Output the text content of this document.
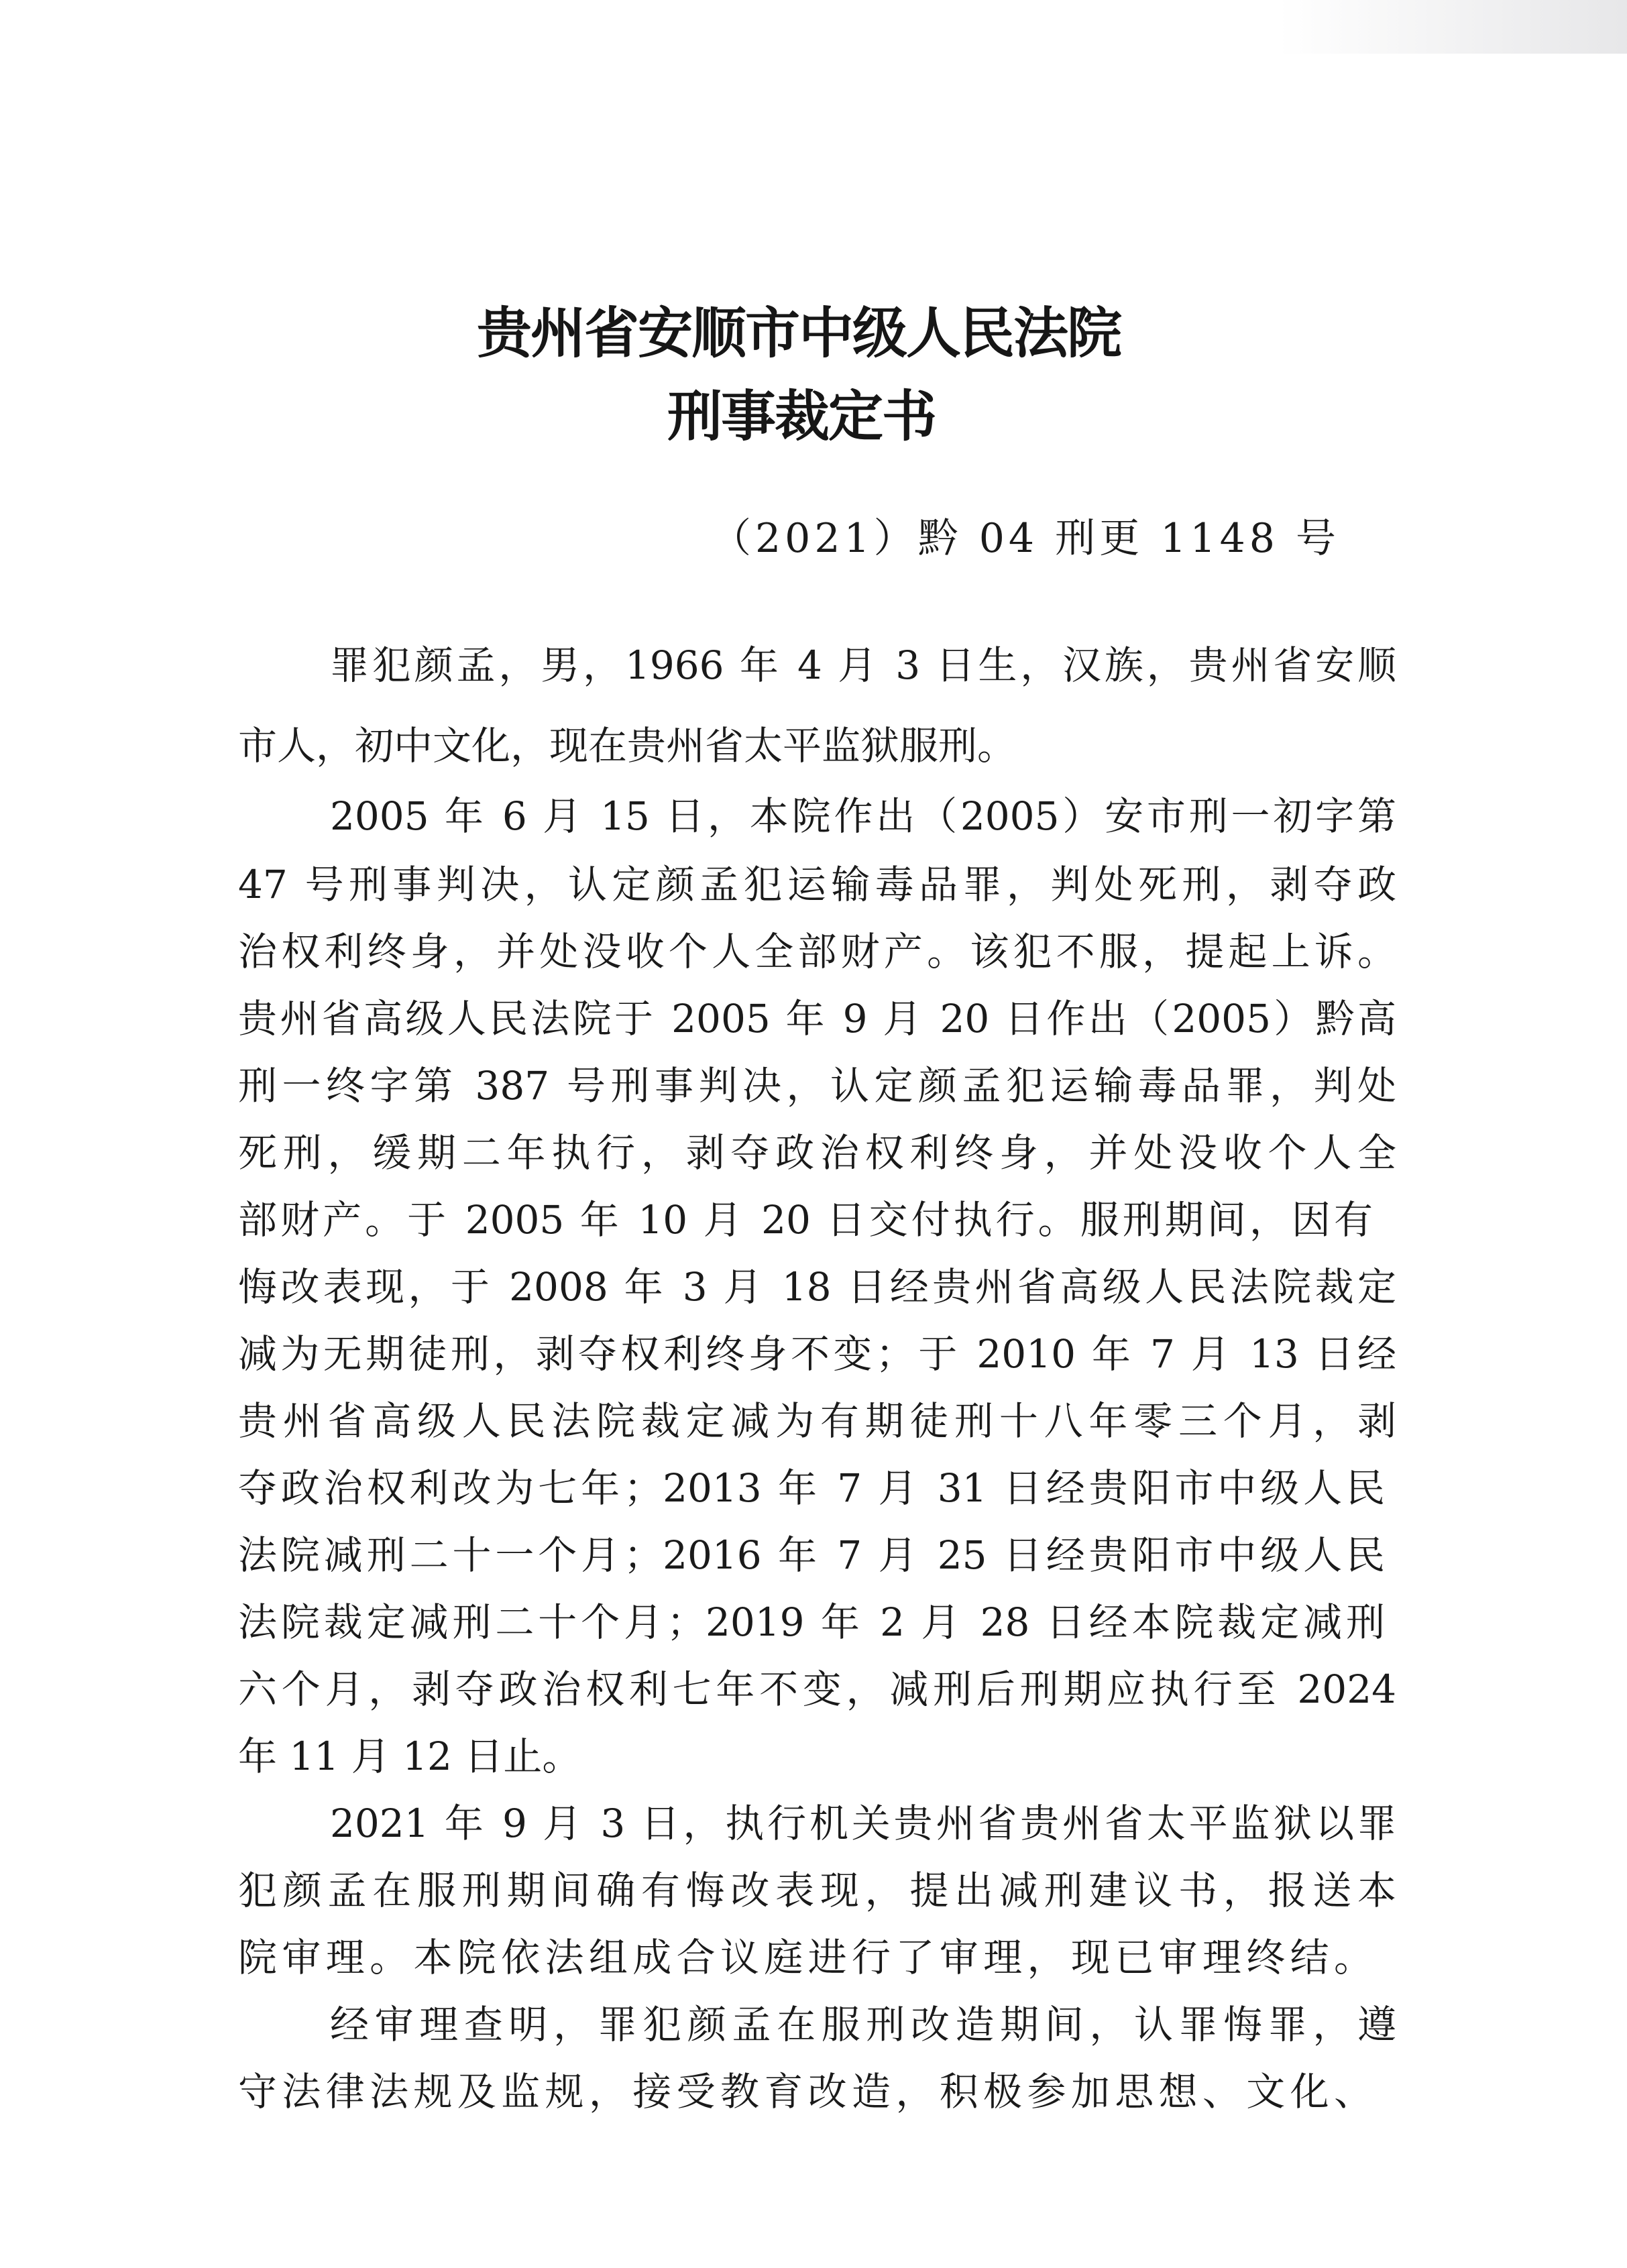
贵州省安顺市中级人民法院
刑事裁定书
（2021）黔 04 刑更 1148 号
罪犯颜孟，男，1966 年 4 月 3 日生，汉族，贵州省安顺
市人，初中文化，现在贵州省太平监狱服刑。
2005 年 6 月 15 日，本院作出（2005）安市刑一初字第
47 号刑事判决，认定颜孟犯运输毒品罪，判处死刑，剥夺政
治权利终身，并处没收个人全部财产。该犯不服，提起上诉。
贵州省高级人民法院于 2005 年 9 月 20 日作出（2005）黔高
刑一终字第 387 号刑事判决，认定颜孟犯运输毒品罪，判处
死刑，缓期二年执行，剥夺政治权利终身，并处没收个人全
部财产。于 2005 年 10 月 20 日交付执行。服刑期间，因有
悔改表现，于 2008 年 3 月 18 日经贵州省高级人民法院裁定
减为无期徒刑，剥夺权利终身不变；于 2010 年 7 月 13 日经
贵州省高级人民法院裁定减为有期徒刑十八年零三个月，剥
夺政治权利改为七年；2013 年 7 月 31 日经贵阳市中级人民
法院减刑二十一个月；2016 年 7 月 25 日经贵阳市中级人民
法院裁定减刑二十个月；2019 年 2 月 28 日经本院裁定减刑
六个月，剥夺政治权利七年不变，减刑后刑期应执行至 2024
年 11 月 12 日止。
2021 年 9 月 3 日，执行机关贵州省贵州省太平监狱以罪
犯颜孟在服刑期间确有悔改表现，提出减刑建议书，报送本
院审理。本院依法组成合议庭进行了审理，现已审理终结。
经审理查明，罪犯颜孟在服刑改造期间，认罪悔罪，遵
守法律法规及监规，接受教育改造，积极参加思想、文化、
